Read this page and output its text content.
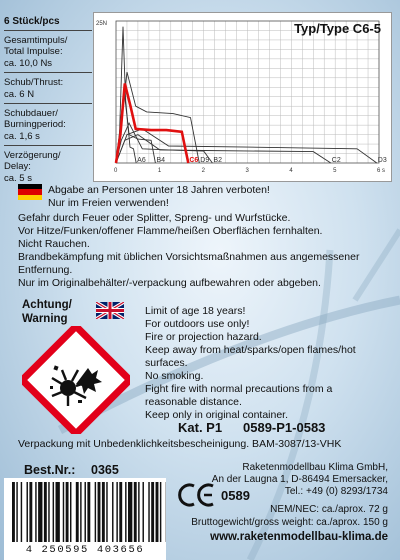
6 Stück/pcs
Gesamtimpuls/
Total Impulse:
ca. 10,0 Ns
Schub/Thrust:
ca. 6 N
Schubdauer/
Burningperiod:
ca. 1,6 s
Verzögerung/
Delay:
ca. 5 s
0	1	2	3	4	5	6 s
25N
A6 B4	C6 D9 B2	C2	D3
Typ/Type C6-5
Abgabe an Personen unter 18 Jahren verboten!
Nur im Freien verwenden!
Gefahr durch Feuer oder Splitter, Spreng- und Wurfstücke.
Vor Hitze/Funken/offener Flamme/heißen Oberflächen fernhalten.
Nicht Rauchen.
Brandbekämpfung mit üblichen Vorsichtsmaßnahmen aus angemessener
Entfernung.
Nur im Originalbehälter/-verpackung aufbewahren oder abgeben.
Achtung/
Warning
Limit of age 18 years!
For outdoors use only!
Fire or projection hazard.
Keep away from heat/sparks/open flames/hot
surfaces.
No smoking.
Fight fire with normal precautions from a
reasonable distance.
Keep only in original container.
Kat. P1 0589-P1-0583
Verpackung mit Unbedenklichkeitsbescheinigung. BAM-3087/13-VHK
Best.Nr.: 0365	Raketenmodellbau Klima GmbH,
An der Laugna 1, D-86494 Emersacker,
Tel.: +49 (0) 8293/1734
0589
NEM/NEC: ca./aprox. 72 g
Bruttogewicht/gross weight: ca./aprox. 150 g
www.raketenmodellbau-klima.de
4 250595 403656
